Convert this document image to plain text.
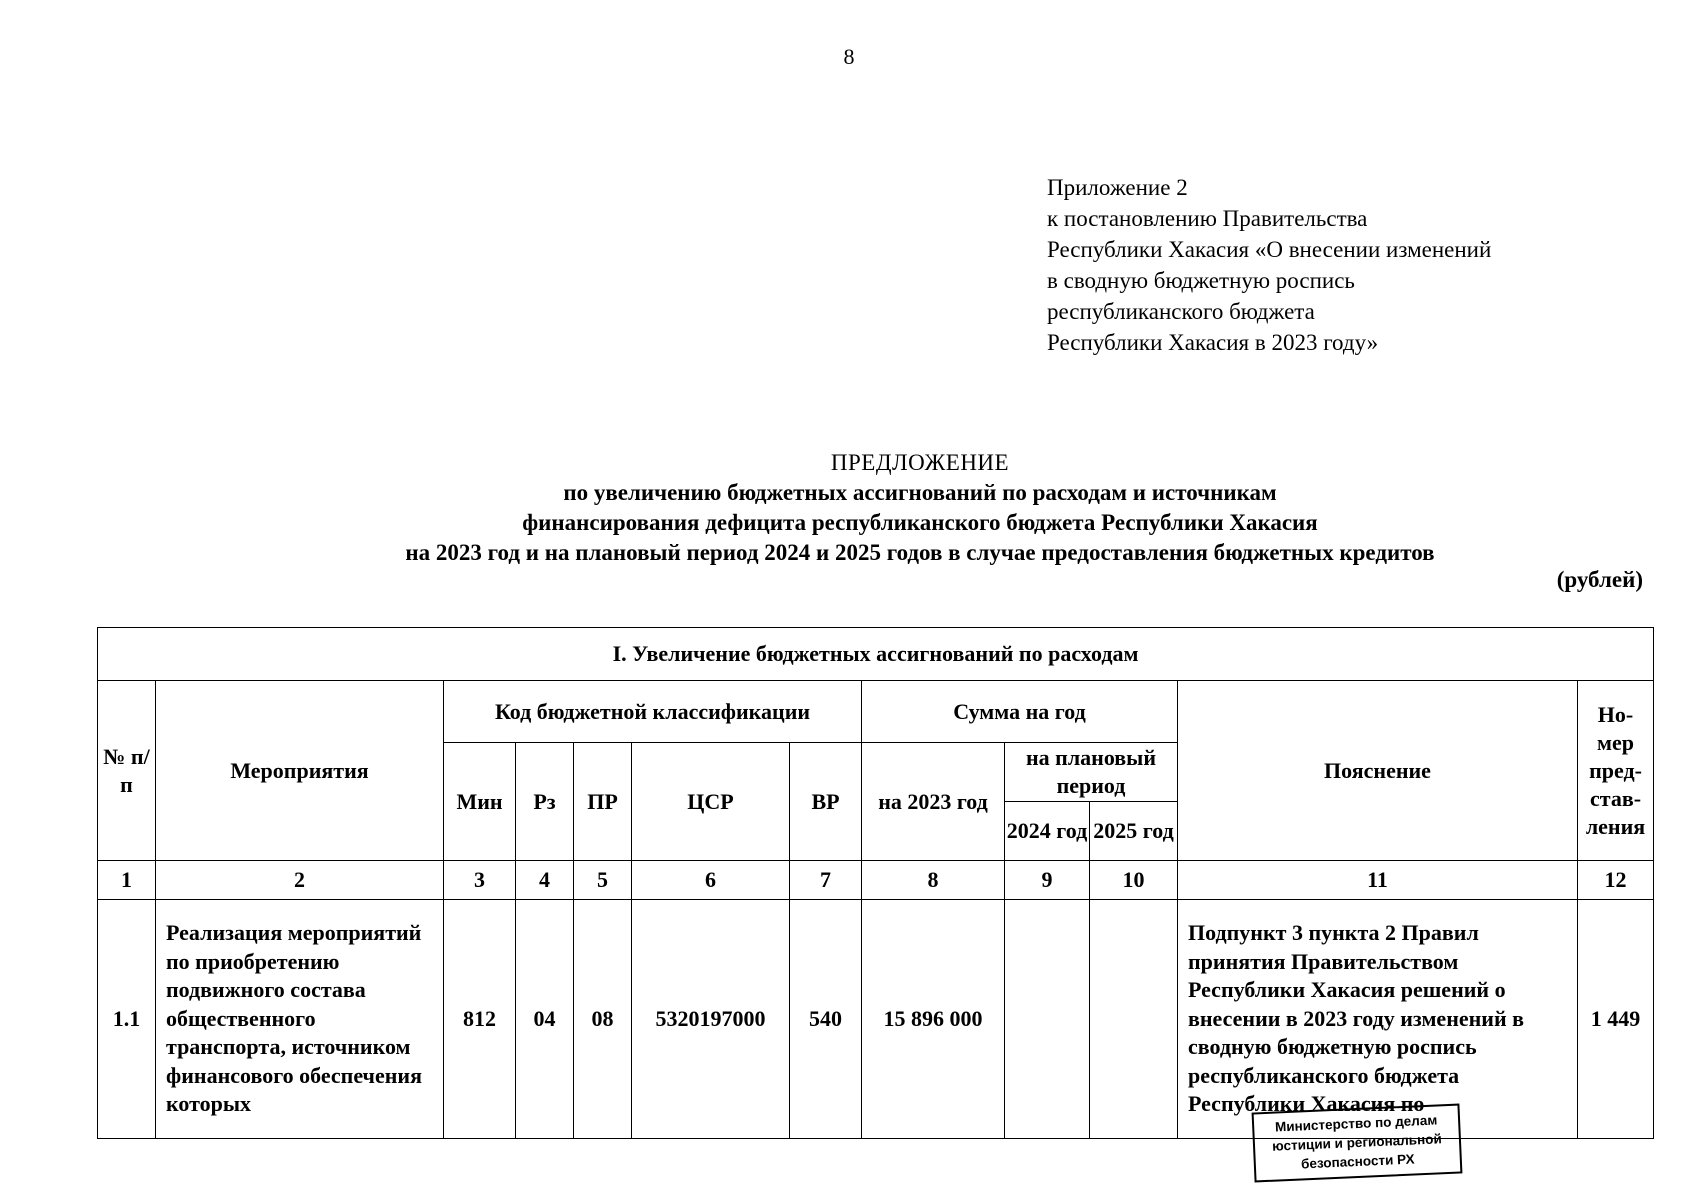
8
Приложение 2
к постановлению Правительства
Республики Хакасия «О внесении изменений
в сводную бюджетную роспись
республиканского бюджета
Республики Хакасия в 2023 году»
ПРЕДЛОЖЕНИЕ
по увеличению бюджетных ассигнований по расходам и источникам
финансирования дефицита республиканского бюджета Республики Хакасия
на 2023 год и на плановый период 2024 и 2025 годов в случае предоставления бюджетных кредитов
(рублей)
I. Увеличение бюджетных ассигнований по расходам											
№ п/п	Мероприятия	Код бюджетной классификации					Сумма на год			Пояснение	Но- мер пред- став- ления
		Мин	Рз	ПР	ЦСР	ВР	на 2023 год	на плановый период			
								2024 год	2025 год		
1	2	3	4	5	6	7	8	9	10	11	12
1.1	Реализация мероприятий по приобретению подвижного состава общественного транспорта, источником финансового обеспечения которых	812	04	08	5320197000	540	15 896 000			Подпункт 3 пункта 2 Правил принятия Правительством Республики Хакасия решений о внесении в 2023 году изменений в сводную бюджетную роспись республиканского бюджета Республики Хакасия по	1 449
Министерство по делам
юстиции и региональной
безопасности РХ
